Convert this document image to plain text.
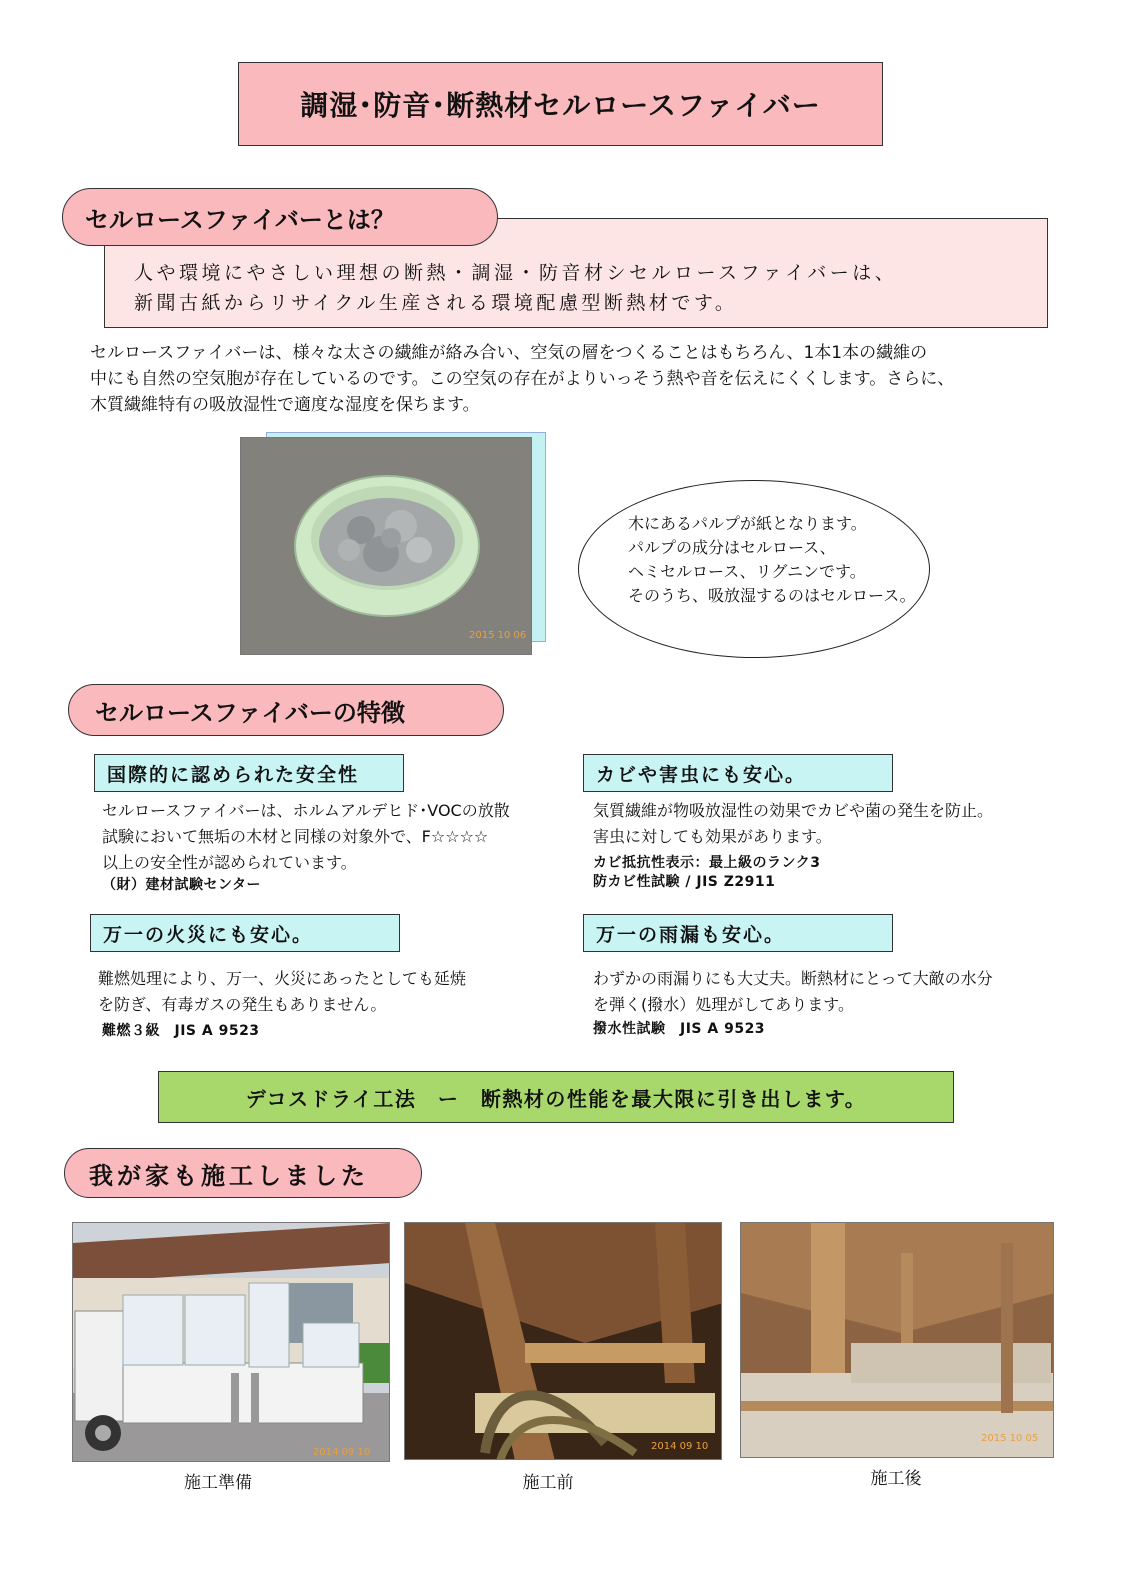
調湿･防音･断熱材セルロースファイバー
セルロースファイバーとは？
人や環境にやさしい理想の断熱・調湿・防音材シセルロースファイバーは、
新聞古紙からリサイクル生産される環境配慮型断熱材です。
セルロースファイバーは、様々な太さの繊維が絡み合い、空気の層をつくることはもちろん、1本1本の繊維の
中にも自然の空気胞が存在しているのです。この空気の存在がよりいっそう熱や音を伝えにくくします。さらに、
木質繊維特有の吸放湿性で適度な湿度を保ちます。
2015 10 06
木にあるパルプが紙となります。
パルプの成分はセルロース、
ヘミセルロース、リグニンです。
そのうち、吸放湿するのはセルロース。
セルロースファイバーの特徴
国際的に認められた安全性
セルロースファイバーは、ホルムアルデヒド･VOCの放散
試験において無垢の木材と同様の対象外で、F☆☆☆☆
以上の安全性が認められています。
（財）建材試験センター
カビや害虫にも安心。
気質繊維が物吸放湿性の効果でカビや菌の発生を防止。
害虫に対しても効果があります。
カビ抵抗性表示：最上級のランク3
防カビ性試験 / JIS Z2911
万一の火災にも安心。
難燃処理により、万一、火災にあったとしても延焼
を防ぎ、有毒ガスの発生もありません。
難燃３級　JIS A 9523
万一の雨漏も安心。
わずかの雨漏りにも大丈夫。断熱材にとって大敵の水分
を弾く(撥水）処理がしてあります。
撥水性試験　JIS A 9523
デコスドライ工法　ー　断熱材の性能を最大限に引き出します。
我が家も施工しました
2014 09 10
施工準備
2014 09 10
施工前
2015 10 05
施工後
